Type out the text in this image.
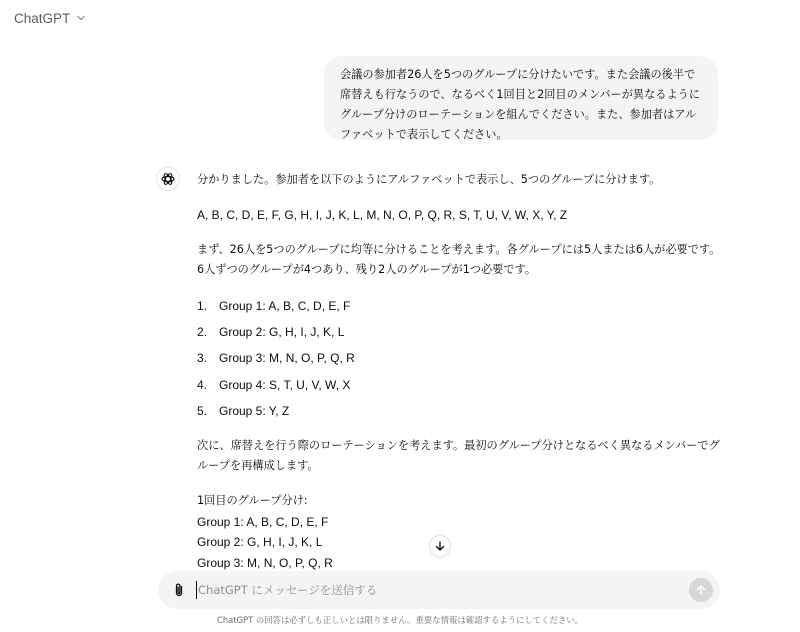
ChatGPT
会議の参加者26人を5つのグループに分けたいです。また会議の後半で席替えも行なうので、なるべく1回目と2回目のメンバーが異なるようにグループ分けのローテーションを組んでください。また、参加者はアルファベットで表示してください。
分かりました。参加者を以下のようにアルファベットで表示し、5つのグループに分けます。
A, B, C, D, E, F, G, H, I, J, K, L, M, N, O, P, Q, R, S, T, U, V, W, X, Y, Z
まず、26人を5つのグループに均等に分けることを考えます。各グループには5人または6人が必要です。6人ずつのグループが4つあり、残り2人のグループが1つ必要です。
1. Group 1: A, B, C, D, E, F
2. Group 2: G, H, I, J, K, L
3. Group 3: M, N, O, P, Q, R
4. Group 4: S, T, U, V, W, X
5. Group 5: Y, Z
次に、席替えを行う際のローテーションを考えます。最初のグループ分けとなるべく異なるメンバーでグループを再構成します。
1回目のグループ分け:
Group 1: A, B, C, D, E, F
Group 2: G, H, I, J, K, L
Group 3: M, N, O, P, Q, R
ChatGPT にメッセージを送信する
ChatGPT の回答は必ずしも正しいとは限りません。重要な情報は確認するようにしてください。
